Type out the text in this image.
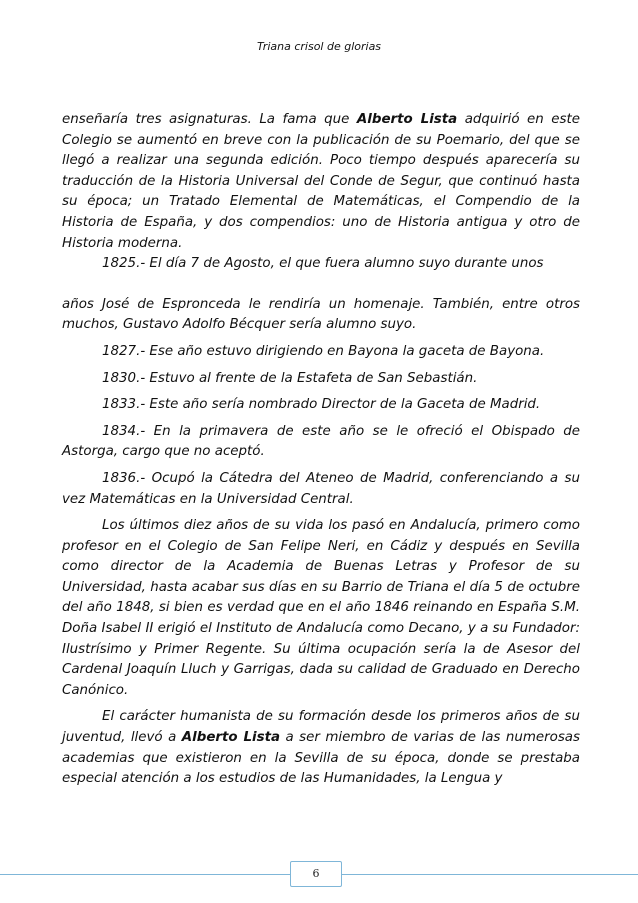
Triana crisol de glorias

enseñaría tres asignaturas. La fama que Alberto Lista adquirió en este Colegio se aumentó en breve con la publicación de su Poemario, del que se llegó a realizar una segunda edición. Poco tiempo después aparecería su traducción de la Historia Universal del Conde de Segur, que continuó hasta su época; un Tratado Elemental de Matemáticas, el Compendio de la Historia de España, y dos compendios: uno de Historia antigua y otro de Historia moderna.

1825.- El día 7 de Agosto, el que fuera alumno suyo durante unos

años José de Espronceda le rendiría un homenaje. También, entre otros muchos, Gustavo Adolfo Bécquer sería alumno suyo.

1827.- Ese año estuvo dirigiendo en Bayona la gaceta de Bayona.

1830.- Estuvo al frente de la Estafeta de San Sebastián.

1833.- Este año sería nombrado Director de la Gaceta de Madrid.

1834.- En la primavera de este año se le ofreció el Obispado de Astorga, cargo que no aceptó.

1836.- Ocupó la Cátedra del Ateneo de Madrid, conferenciando a su vez Matemáticas en la Universidad Central.

Los últimos diez años de su vida los pasó en Andalucía, primero como profesor en el Colegio de San Felipe Neri, en Cádiz y después en Sevilla como director de la Academia de Buenas Letras y Profesor de su Universidad, hasta acabar sus días en su Barrio de Triana el día 5 de octubre del año 1848, si bien es verdad que en el año 1846 reinando en España S.M. Doña Isabel II erigió el Instituto de Andalucía como Decano, y a su Fundador: Ilustrísimo y Primer Regente. Su última ocupación sería la de Asesor del Cardenal Joaquín Lluch y Garrigas, dada su calidad de Graduado en Derecho Canónico.

El carácter humanista de su formación desde los primeros años de su juventud, llevó a Alberto Lista a ser miembro de varias de las numerosas academias que existieron en la Sevilla de su época, donde se prestaba especial atención a los estudios de las Humanidades, la Lengua y

6
